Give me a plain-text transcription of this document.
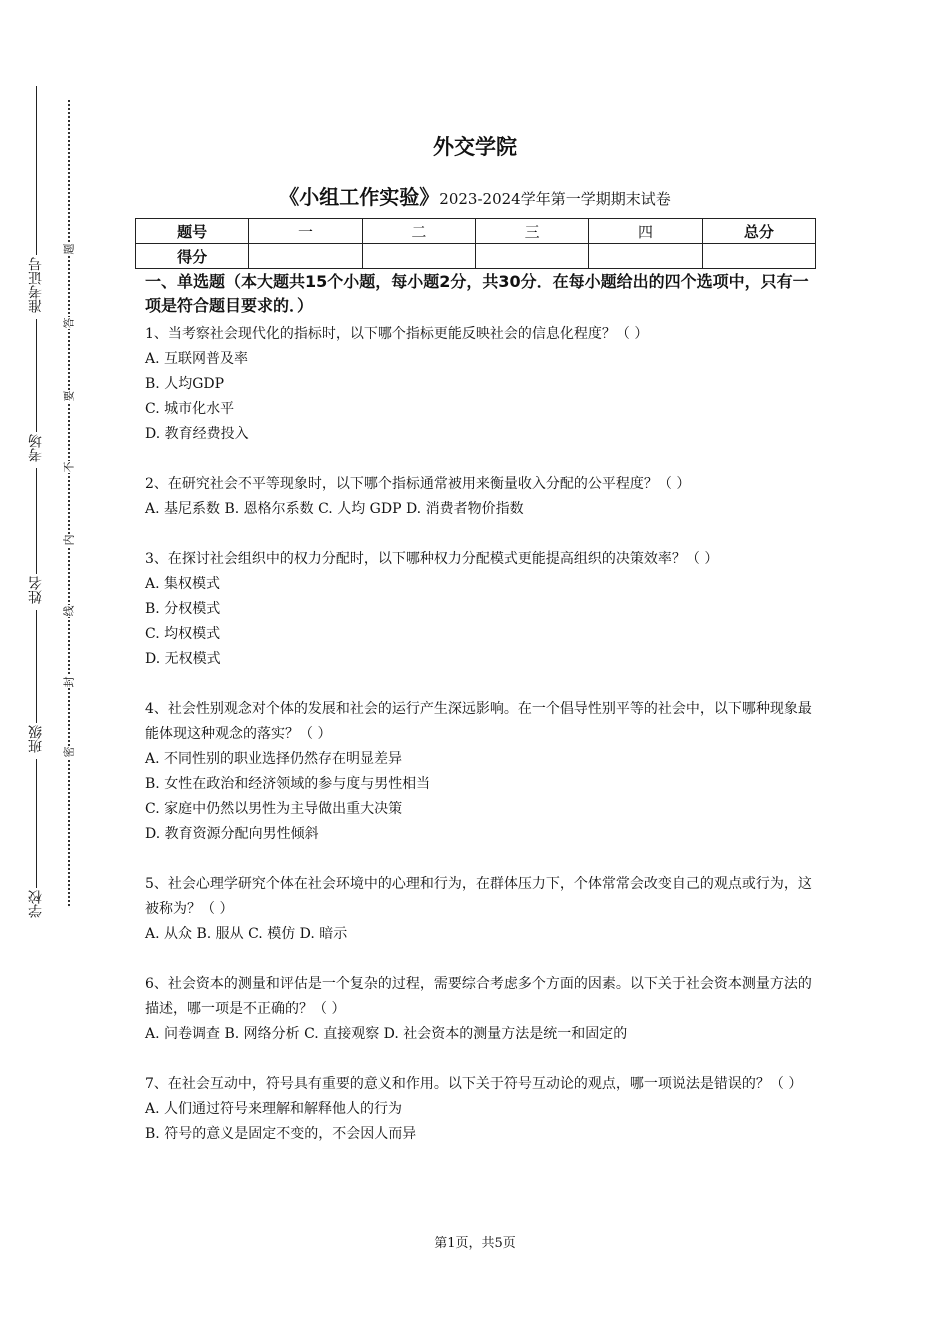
准考证号
考场
姓名
班级
学校
题
答
要
不
内
线
封
密
外交学院
《小组工作实验》2023-2024学年第一学期期末试卷
题号	一	二	三	四	总分
得分					
一、单选题（本大题共15个小题，每小题2分，共30分．在每小题给出的四个选项中，只有一项是符合题目要求的．）

1、当考察社会现代化的指标时，以下哪个指标更能反映社会的信息化程度？（ ）

A. 互联网普及率

B. 人均GDP

C. 城市化水平

D. 教育经费投入

2、在研究社会不平等现象时，以下哪个指标通常被用来衡量收入分配的公平程度？（ ）

A. 基尼系数 B. 恩格尔系数 C. 人均 GDP D. 消费者物价指数

3、在探讨社会组织中的权力分配时，以下哪种权力分配模式更能提高组织的决策效率？（ ）

A. 集权模式

B. 分权模式

C. 均权模式

D. 无权模式

4、社会性别观念对个体的发展和社会的运行产生深远影响。在一个倡导性别平等的社会中，以下哪种现象最能体现这种观念的落实？（ ）

A. 不同性别的职业选择仍然存在明显差异

B. 女性在政治和经济领域的参与度与男性相当

C. 家庭中仍然以男性为主导做出重大决策

D. 教育资源分配向男性倾斜

5、社会心理学研究个体在社会环境中的心理和行为，在群体压力下，个体常常会改变自己的观点或行为，这被称为？（ ）

A. 从众 B. 服从 C. 模仿 D. 暗示

6、社会资本的测量和评估是一个复杂的过程，需要综合考虑多个方面的因素。以下关于社会资本测量方法的描述，哪一项是不正确的？（ ）

A. 问卷调查 B. 网络分析 C. 直接观察 D. 社会资本的测量方法是统一和固定的

7、在社会互动中，符号具有重要的意义和作用。以下关于符号互动论的观点，哪一项说法是错误的？（ ）

A. 人们通过符号来理解和解释他人的行为

B. 符号的意义是固定不变的，不会因人而异

第1页，共5页
